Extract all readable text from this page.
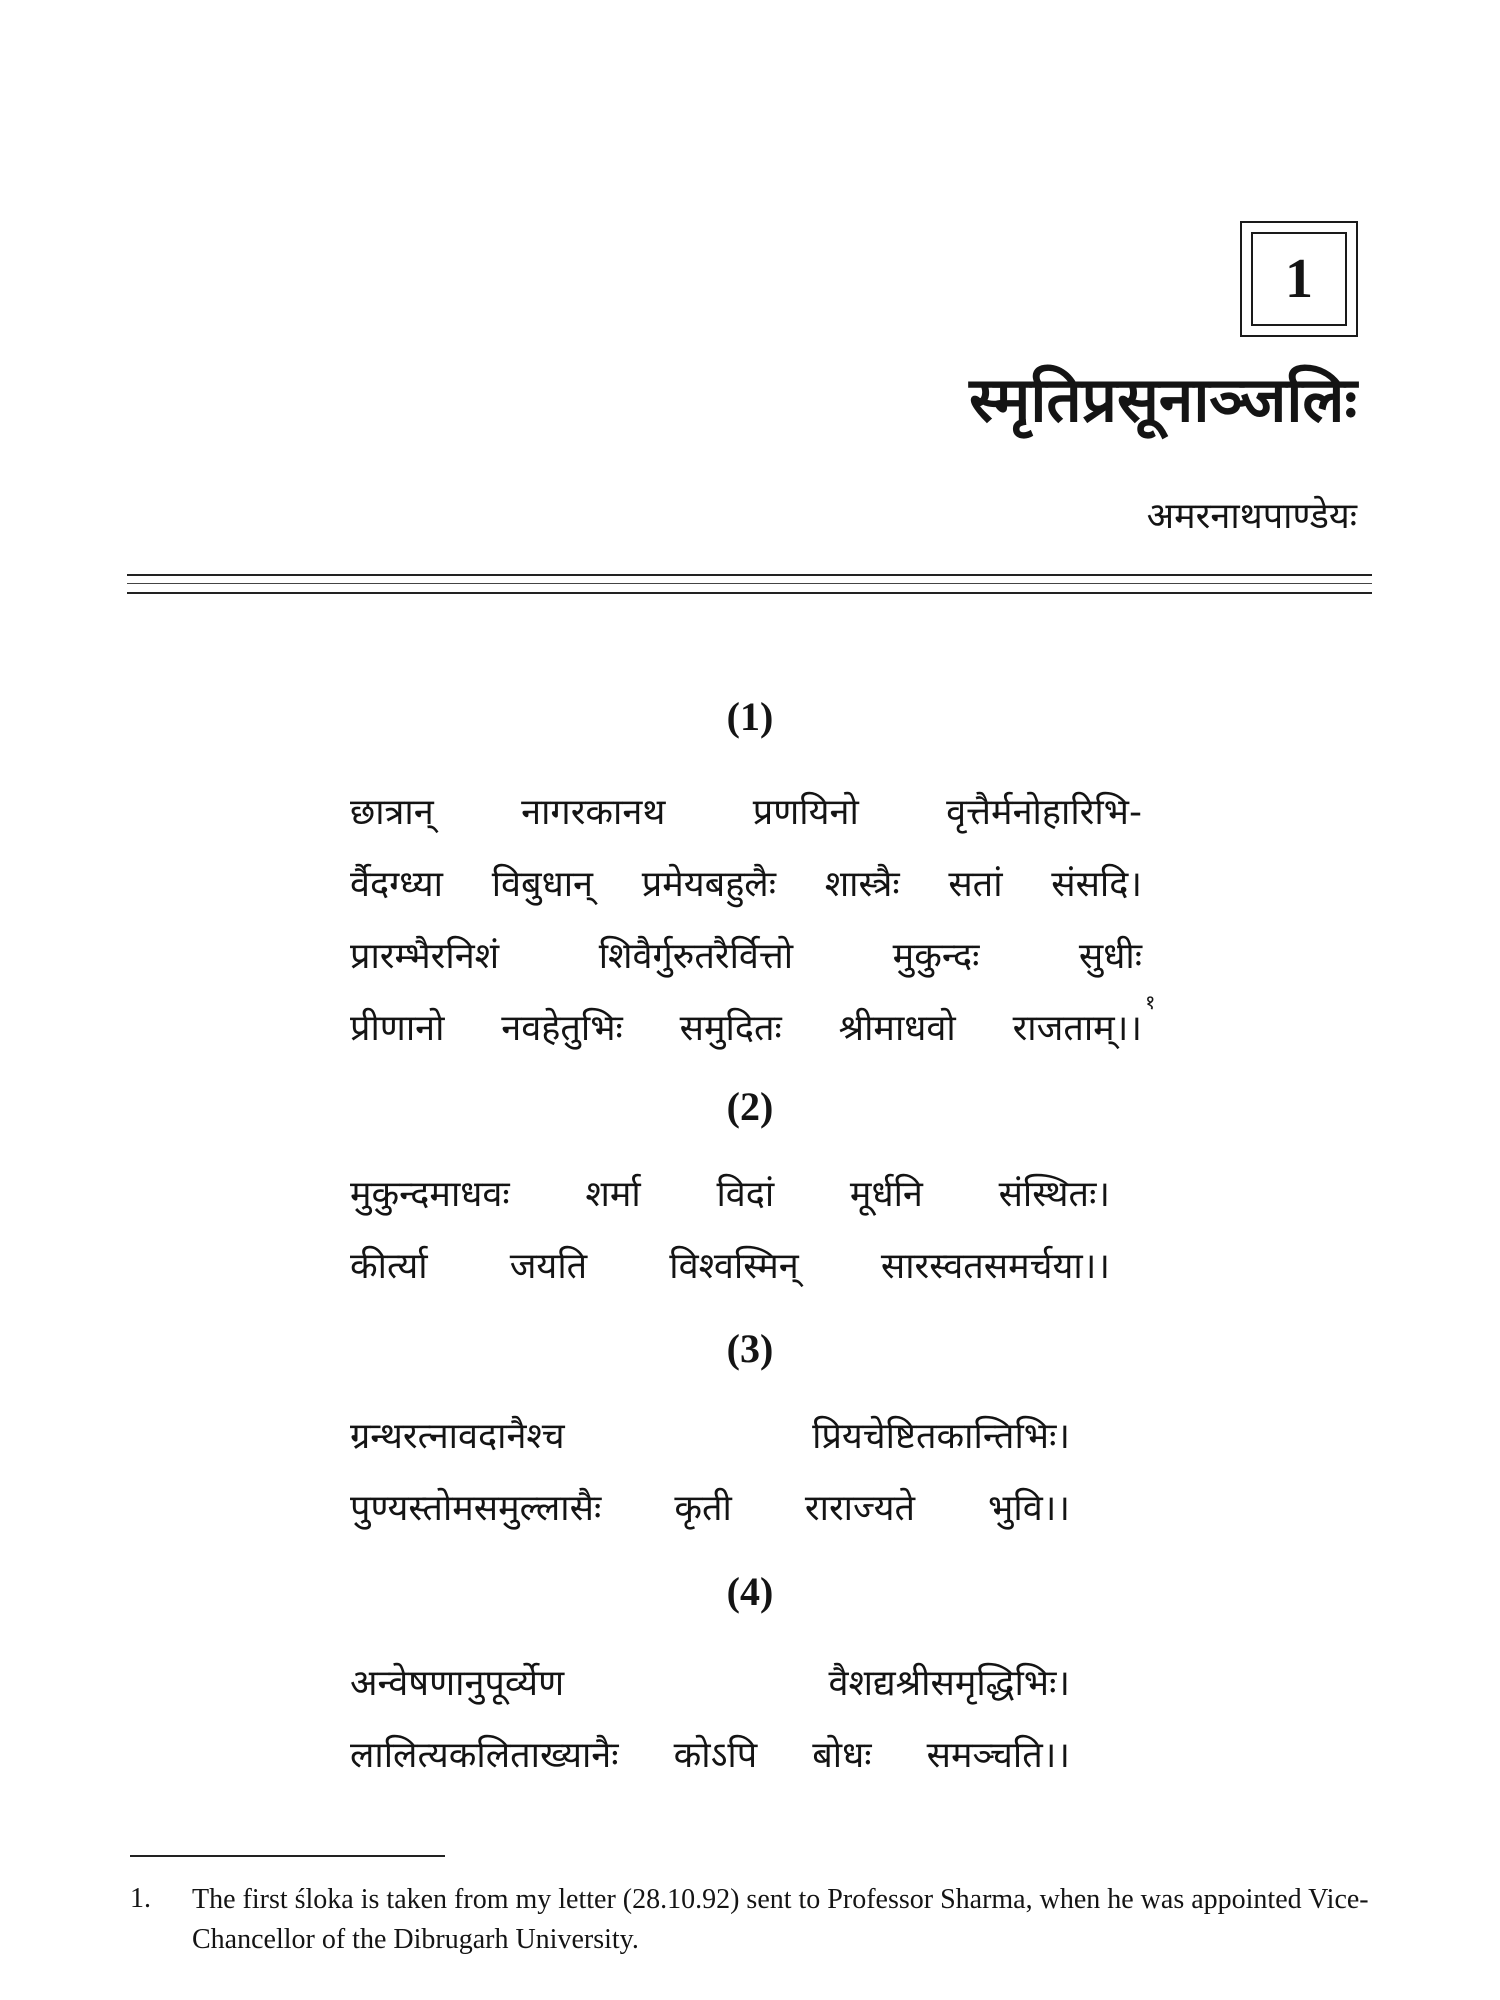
1
स्मृतिप्रसूनाञ्जलिः
अमरनाथपाण्डेयः
(1)
छात्रान् नागरकानथ प्रणयिनो वृत्तैर्मनोहारिभि-
र्वैदग्ध्या विबुधान् प्रमेयबहुलैः शास्त्रैः सतां संसदि।
प्रारम्भैरनिशं शिवैर्गुरुतरैर्वित्तो मुकुन्दः सुधीः
प्रीणानो नवहेतुभिः समुदितः श्रीमाधवो राजताम्।।
१
(2)
मुकुन्दमाधवः शर्मा विदां मूर्धनि संस्थितः।
कीर्त्या जयति विश्वस्मिन् सारस्वतसमर्चया।।
(3)
ग्रन्थरत्नावदानैश्च प्रियचेष्टितकान्तिभिः।
पुण्यस्तोमसमुल्लासैः कृती राराज्यते भुवि।।
(4)
अन्वेषणानुपूर्व्येण वैशद्यश्रीसमृद्धिभिः।
लालित्यकलिताख्यानैः कोऽपि बोधः समञ्चति।।
1. The first śloka is taken from my letter (28.10.92) sent to Professor Sharma, when he was appointed Vice-Chancellor of the Dibrugarh University.
